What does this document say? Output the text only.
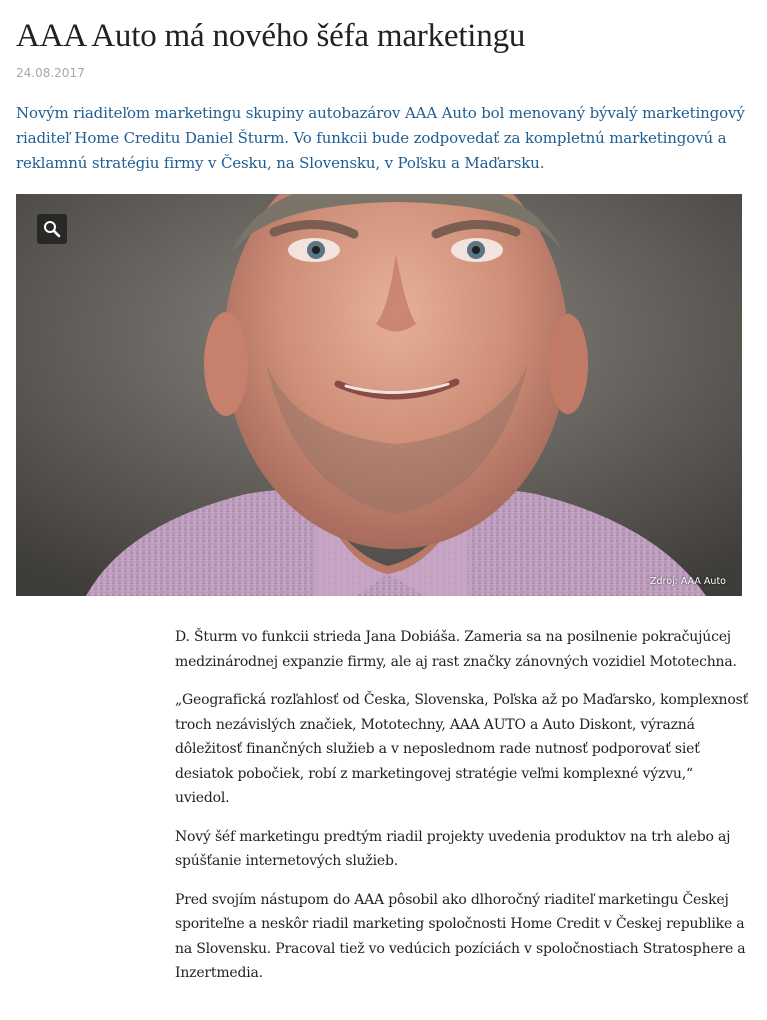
AAA Auto má nového šéfa marketingu
24.08.2017

Novým riaditeľom marketingu skupiny autobazárov AAA Auto bol menovaný bývalý marketingový riaditeľ Home Creditu Daniel Šturm. Vo funkcii bude zodpovedať za kompletnú marketingovú a reklamnú stratégiu firmy v Česku, na Slovensku, v Poľsku a Maďarsku.

Zdroj: AAA Auto

D. Šturm vo funkcii strieda Jana Dobiáša. Zameria sa na posilnenie pokračujúcej medzinárodnej expanzie firmy, ale aj rast značky zánovných vozidiel Mototechna.

„Geografická rozľahlosť od Česka, Slovenska, Poľska až po Maďarsko, komplexnosť troch nezávislých značiek, Mototechny, AAA AUTO a Auto Diskont, výrazná dôležitosť finančných služieb a v neposlednom rade nutnosť podporovať sieť desiatok pobočiek, robí z marketingovej stratégie veľmi komplexné výzvu,“ uviedol.

Nový šéf marketingu predtým riadil projekty uvedenia produktov na trh alebo aj spúšťanie internetových služieb.

Pred svojím nástupom do AAA pôsobil ako dlhoročný riaditeľ marketingu Českej sporiteľne a neskôr riadil marketing spoločnosti Home Credit v Českej republike a na Slovensku. Pracoval tiež vo vedúcich pozíciách v spoločnostiach Stratosphere a Inzertmedia.
